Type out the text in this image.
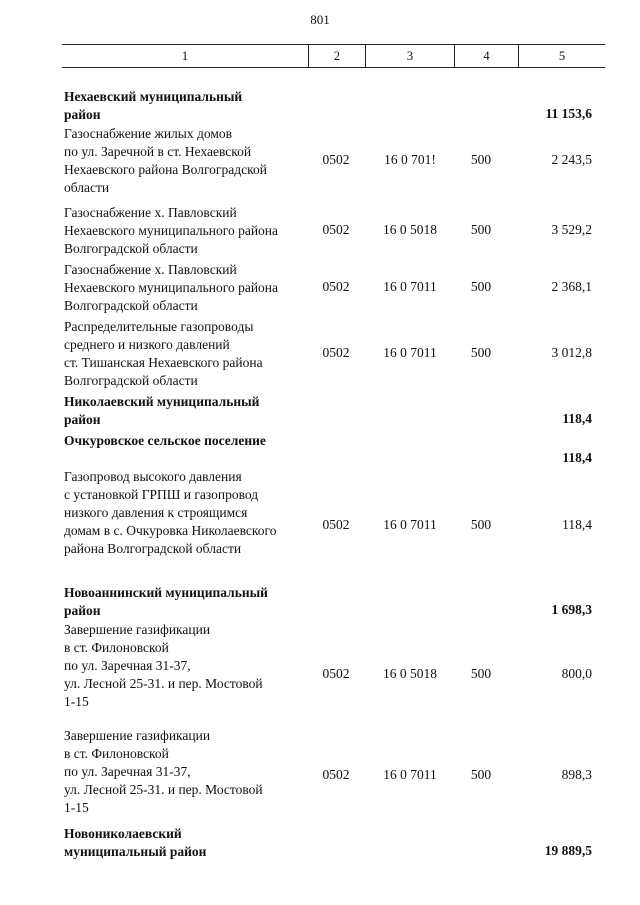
801
1	2	3	4	5
Нехаевский муниципальный
район	11 153,6
Газоснабжение жилых домов
по ул. Заречной в ст. Нехаевской
Нехаевского района Волгоградской
области
0502	16 0 701!	500	2 243,5
Газоснабжение х. Павловский
Нехаевского муниципального района
Волгоградской области
0502	16 0 5018	500	3 529,2
Газоснабжение х. Павловский
Нехаевского муниципального района
Волгоградской области
0502	16 0 7011	500	2 368,1
Распределительные газопроводы
среднего и низкого давлений
ст. Тишанская Нехаевского района
Волгоградской области
0502	16 0 7011	500	3 012,8
Николаевский муниципальный
район	118,4
Очкуровское сельское поселение
118,4
Газопровод высокого давления
с установкой ГРПШ и газопровод
низкого давления к строящимся
домам в с. Очкуровка Николаевского
района Волгоградской области
0502	16 0 7011	500	118,4
Новоаннинский муниципальный
район	1 698,3
Завершение газификации
в ст. Филоновской
по ул. Заречная 31-37,
ул. Лесной 25-31. и пер. Мостовой
1-15
0502	16 0 5018	500	800,0
Завершение газификации
в ст. Филоновской
по ул. Заречная 31-37,
ул. Лесной 25-31. и пер. Мостовой
1-15
0502	16 0 7011	500	898,3
Новониколаевский
муниципальный район	19 889,5
